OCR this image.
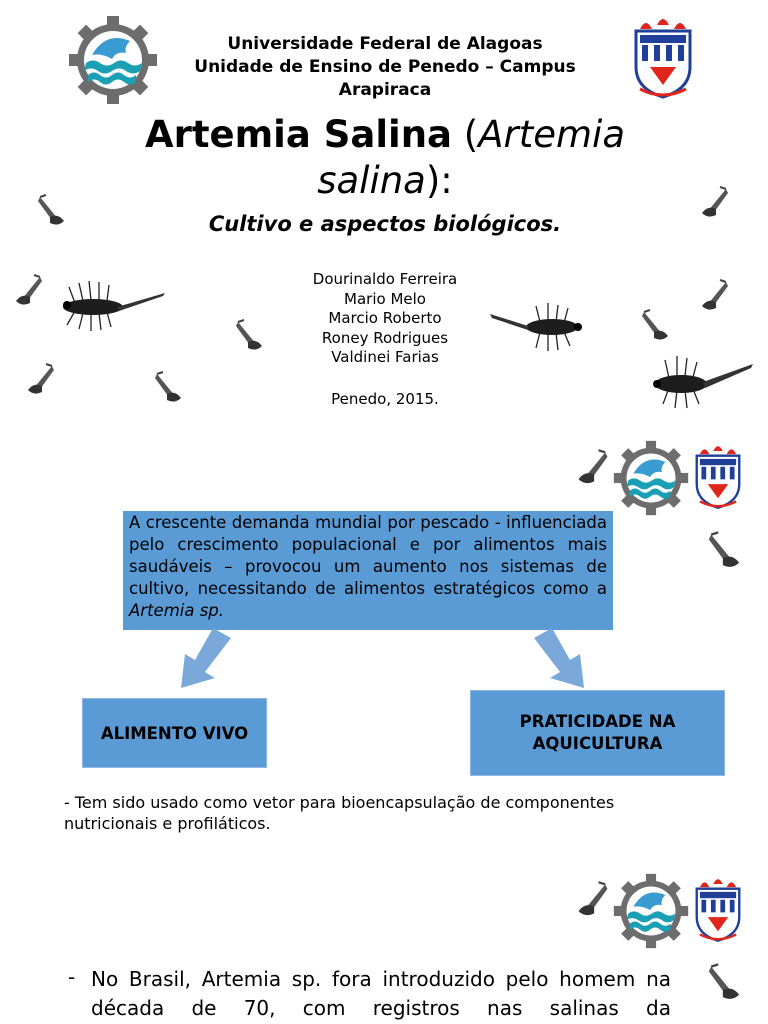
Universidade Federal de Alagoas
Unidade de Ensino de Penedo – Campus
Arapiraca
Artemia Salina (Artemia salina):
Cultivo e aspectos biológicos.
Dourinaldo Ferreira
Mario Melo
Marcio Roberto
Roney Rodrigues
Valdinei Farias
Penedo, 2015.
A crescente demanda mundial por pescado - influenciada pelo crescimento populacional e por alimentos mais saudáveis – provocou um aumento nos sistemas de cultivo, necessitando de alimentos estratégicos como a Artemia sp.
ALIMENTO VIVO
PRATICIDADE NA
AQUICULTURA
- Tem sido usado como vetor para bioencapsulação de componentes nutricionais e profiláticos.
- No Brasil, Artemia sp. fora introduzido pelo homem na década de 70, com registros nas salinas da
